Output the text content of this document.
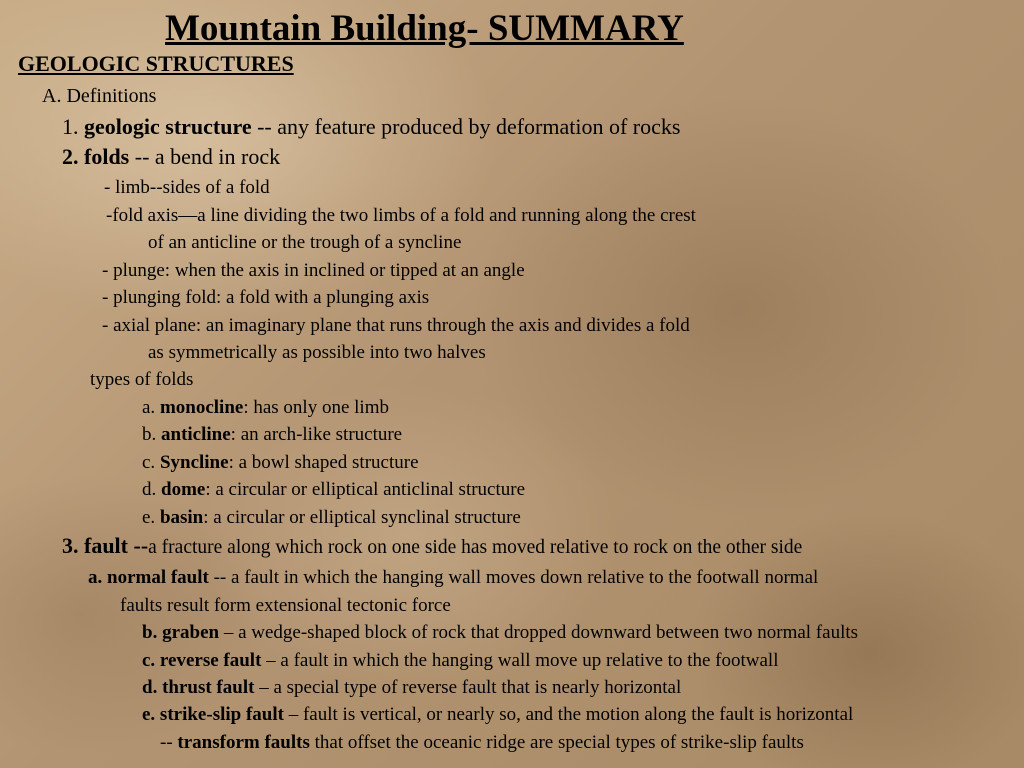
Mountain Building- SUMMARY
GEOLOGIC STRUCTURES
A. Definitions
1. geologic structure -- any feature produced by deformation of rocks
2. folds -- a bend in rock
- limb--sides of a fold
-fold axis—a line dividing the two limbs of a fold and running along the crest
of an anticline or the trough of a syncline
- plunge: when the axis in inclined or tipped at an angle
- plunging fold: a fold with a plunging axis
- axial plane: an imaginary plane that runs through the axis and divides a fold
as symmetrically as possible into two halves
types of folds
a. monocline: has only one limb
b. anticline: an arch-like structure
c. Syncline: a bowl shaped structure
d. dome: a circular or elliptical anticlinal structure
e. basin: a circular or elliptical synclinal structure
3. fault --a fracture along which rock on one side has moved relative to rock on the other side
a. normal fault -- a fault in which the hanging wall moves down relative to the footwall normal
faults result form extensional tectonic force
b. graben – a wedge-shaped block of rock that dropped downward between two normal faults
c. reverse fault – a fault in which the hanging wall move up relative to the footwall
d. thrust fault – a special type of reverse fault that is nearly horizontal
e. strike-slip fault – fault is vertical, or nearly so, and the motion along the fault is horizontal
-- transform faults that offset the oceanic ridge are special types of strike-slip faults
